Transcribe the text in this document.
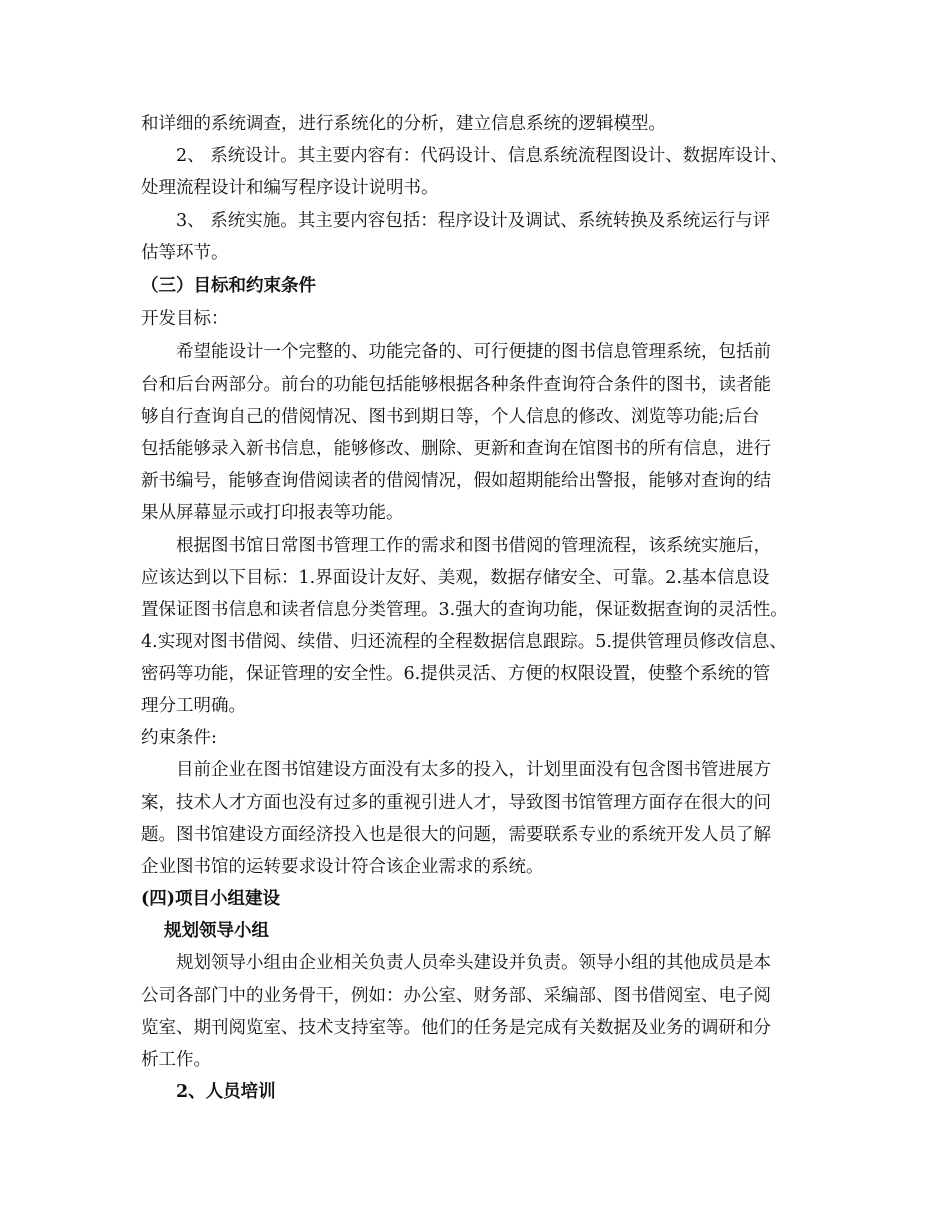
和详细的系统调查，进行系统化的分析，建立信息系统的逻辑模型。
2、 系统设计。其主要内容有：代码设计、信息系统流程图设计、数据库设计、
处理流程设计和编写程序设计说明书。
3、 系统实施。其主要内容包括：程序设计及调试、系统转换及系统运行与评
估等环节。
（三）目标和约束条件
开发目标：
希望能设计一个完整的、功能完备的、可行便捷的图书信息管理系统，包括前
台和后台两部分。前台的功能包括能够根据各种条件查询符合条件的图书，读者能
够自行查询自己的借阅情况、图书到期日等，个人信息的修改、浏览等功能;后台
包括能够录入新书信息，能够修改、删除、更新和查询在馆图书的所有信息，进行
新书编号，能够查询借阅读者的借阅情况，假如超期能给出警报，能够对查询的结
果从屏幕显示或打印报表等功能。
根据图书馆日常图书管理工作的需求和图书借阅的管理流程，该系统实施后，
应该达到以下目标：1.界面设计友好、美观，数据存储安全、可靠。2.基本信息设
置保证图书信息和读者信息分类管理。3.强大的查询功能，保证数据查询的灵活性。
4.实现对图书借阅、续借、归还流程的全程数据信息跟踪。5.提供管理员修改信息、
密码等功能，保证管理的安全性。6.提供灵活、方便的权限设置，使整个系统的管
理分工明确。
约束条件:
目前企业在图书馆建设方面没有太多的投入，计划里面没有包含图书管进展方
案，技术人才方面也没有过多的重视引进人才，导致图书馆管理方面存在很大的问
题。图书馆建设方面经济投入也是很大的问题，需要联系专业的系统开发人员了解
企业图书馆的运转要求设计符合该企业需求的系统。
(四)项目小组建设
规划领导小组
规划领导小组由企业相关负责人员牵头建设并负责。领导小组的其他成员是本
公司各部门中的业务骨干，例如：办公室、财务部、采编部、图书借阅室、电子阅
览室、期刊阅览室、技术支持室等。他们的任务是完成有关数据及业务的调研和分
析工作。
2、人员培训
